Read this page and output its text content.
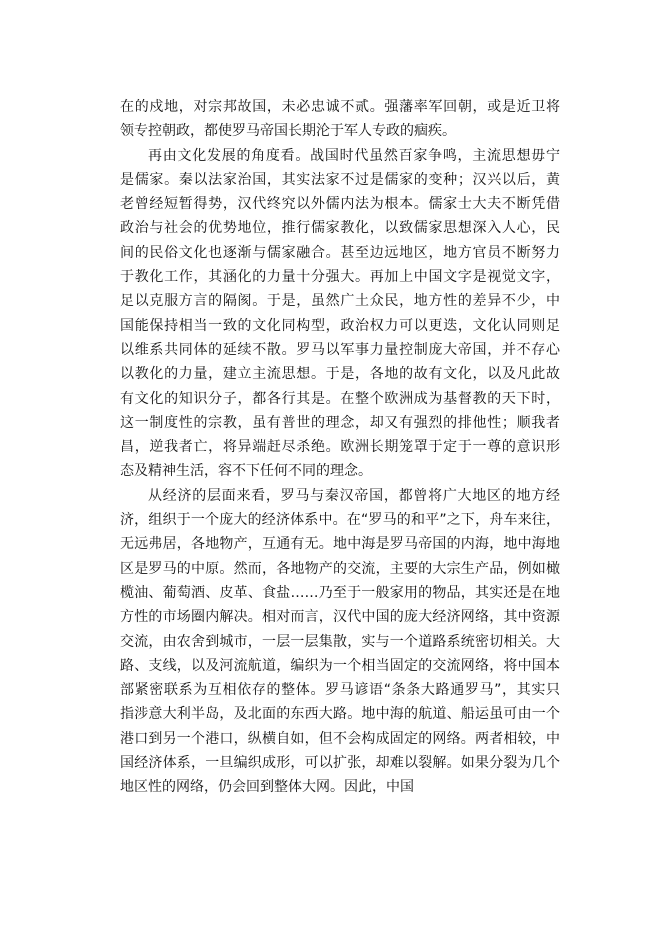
在的戍地，对宗邦故国，未必忠诚不贰。强藩率军回朝，或是近卫将
领专控朝政，都使罗马帝国长期沦于军人专政的痼疾。
再由文化发展的角度看。战国时代虽然百家争鸣，主流思想毋宁
是儒家。秦以法家治国，其实法家不过是儒家的变种；汉兴以后，黄
老曾经短暂得势，汉代终究以外儒内法为根本。儒家士大夫不断凭借
政治与社会的优势地位，推行儒家教化，以致儒家思想深入人心，民
间的民俗文化也逐渐与儒家融合。甚至边远地区，地方官员不断努力
于教化工作，其涵化的力量十分强大。再加上中国文字是视觉文字，
足以克服方言的隔阂。于是，虽然广土众民，地方性的差异不少，中
国能保持相当一致的文化同构型，政治权力可以更迭，文化认同则足
以维系共同体的延续不散。罗马以军事力量控制庞大帝国，并不存心
以教化的力量，建立主流思想。于是，各地的故有文化，以及凡此故
有文化的知识分子，都各行其是。在整个欧洲成为基督教的天下时，
这一制度性的宗教，虽有普世的理念，却又有强烈的排他性；顺我者
昌，逆我者亡，将异端赶尽杀绝。欧洲长期笼罩于定于一尊的意识形
态及精神生活，容不下任何不同的理念。
从经济的层面来看，罗马与秦汉帝国，都曾将广大地区的地方经
济，组织于一个庞大的经济体系中。在“罗马的和平”之下，舟车来往，
无远弗居，各地物产，互通有无。地中海是罗马帝国的内海，地中海地
区是罗马的中原。然而，各地物产的交流，主要的大宗生产品，例如橄
榄油、葡萄酒、皮革、食盐……乃至于一般家用的物品，其实还是在地
方性的市场圈内解决。相对而言，汉代中国的庞大经济网络，其中资源
交流，由农舍到城市，一层一层集散，实与一个道路系统密切相关。大
路、支线，以及河流航道，编织为一个相当固定的交流网络，将中国本
部紧密联系为互相依存的整体。罗马谚语“条条大路通罗马”，其实只
指涉意大利半岛，及北面的东西大路。地中海的航道、船运虽可由一个
港口到另一个港口，纵横自如，但不会构成固定的网络。两者相较，中
国经济体系，一旦编织成形，可以扩张，却难以裂解。如果分裂为几个
地区性的网络，仍会回到整体大网。因此，中国
